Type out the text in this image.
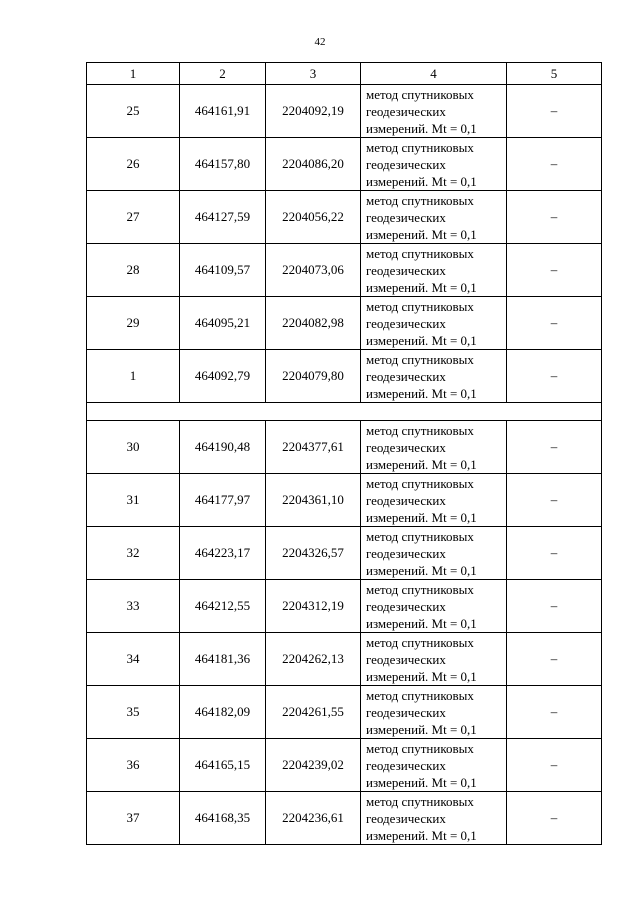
42
1	2	3	4	5
25	464161,91	2204092,19	метод спутниковых
геодезических
измерений. Mt = 0,1	–
26	464157,80	2204086,20	метод спутниковых
геодезических
измерений. Mt = 0,1	–
27	464127,59	2204056,22	метод спутниковых
геодезических
измерений. Mt = 0,1	–
28	464109,57	2204073,06	метод спутниковых
геодезических
измерений. Mt = 0,1	–
29	464095,21	2204082,98	метод спутниковых
геодезических
измерений. Mt = 0,1	–
1	464092,79	2204079,80	метод спутниковых
геодезических
измерений. Mt = 0,1	–

30	464190,48	2204377,61	метод спутниковых
геодезических
измерений. Mt = 0,1	–
31	464177,97	2204361,10	метод спутниковых
геодезических
измерений. Mt = 0,1	–
32	464223,17	2204326,57	метод спутниковых
геодезических
измерений. Mt = 0,1	–
33	464212,55	2204312,19	метод спутниковых
геодезических
измерений. Mt = 0,1	–
34	464181,36	2204262,13	метод спутниковых
геодезических
измерений. Mt = 0,1	–
35	464182,09	2204261,55	метод спутниковых
геодезических
измерений. Mt = 0,1	–
36	464165,15	2204239,02	метод спутниковых
геодезических
измерений. Mt = 0,1	–
37	464168,35	2204236,61	метод спутниковых
геодезических
измерений. Mt = 0,1	–
